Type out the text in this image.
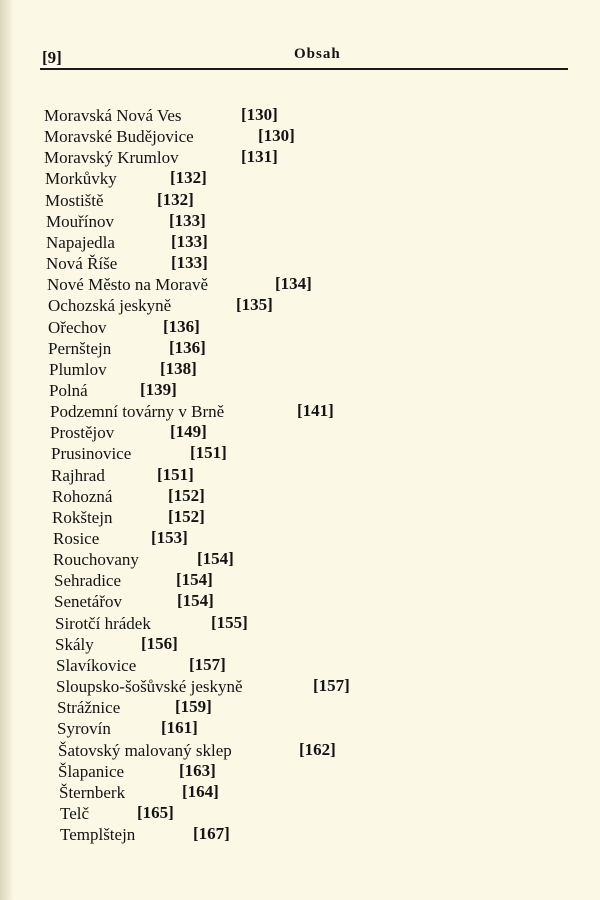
[9]	Obsah
Moravská Nová Ves	[130]
Moravské Budějovice	[130]
Moravský Krumlov	[131]
Morkůvky	[132]
Mostiště	[132]
Mouřínov	[133]
Napajedla	[133]
Nová Říše	[133]
Nové Město na Moravě	[134]
Ochozská jeskyně	[135]
Ořechov	[136]
Pernštejn	[136]
Plumlov	[138]
Polná	[139]
Podzemní továrny v Brně	[141]
Prostějov	[149]
Prusinovice	[151]
Rajhrad	[151]
Rohozná	[152]
Rokštejn	[152]
Rosice	[153]
Rouchovany	[154]
Sehradice	[154]
Senetářov	[154]
Sirotčí hrádek	[155]
Skály	[156]
Slavíkovice	[157]
Sloupsko-šošůvské jeskyně	[157]
Strážnice	[159]
Syrovín	[161]
Šatovský malovaný sklep	[162]
Šlapanice	[163]
Šternberk	[164]
Telč	[165]
Templštejn	[167]
